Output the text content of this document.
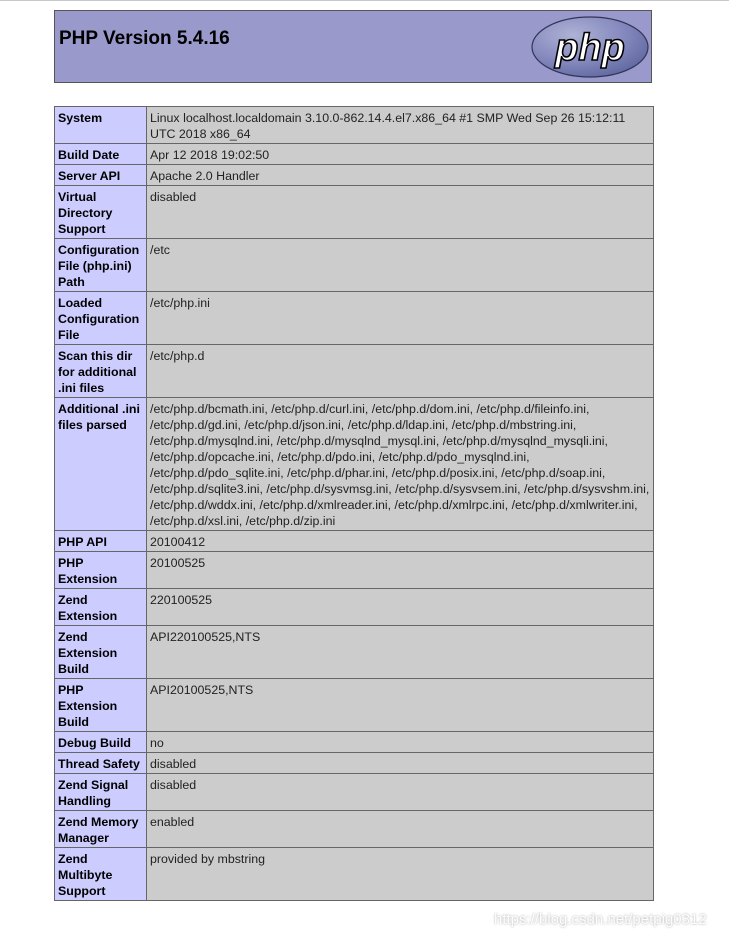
PHP Version 5.4.16	php
System	Linux localhost.localdomain 3.10.0-862.14.4.el7.x86_64 #1 SMP Wed Sep 26 15:12:11 UTC 2018 x86_64
Build Date	Apr 12 2018 19:02:50
Server API	Apache 2.0 Handler
Virtual Directory Support	disabled
Configuration File (php.ini) Path	/etc
Loaded Configuration File	/etc/php.ini
Scan this dir for additional .ini files	/etc/php.d
Additional .ini files parsed	/etc/php.d/bcmath.ini, /etc/php.d/curl.ini, /etc/php.d/dom.ini, /etc/php.d/fileinfo.ini, /etc/php.d/gd.ini, /etc/php.d/json.ini, /etc/php.d/ldap.ini, /etc/php.d/mbstring.ini, /etc/php.d/mysqlnd.ini, /etc/php.d/mysqlnd_mysql.ini, /etc/php.d/mysqlnd_mysqli.ini, /etc/php.d/opcache.ini, /etc/php.d/pdo.ini, /etc/php.d/pdo_mysqlnd.ini, /etc/php.d/pdo_sqlite.ini, /etc/php.d/phar.ini, /etc/php.d/posix.ini, /etc/php.d/soap.ini, /etc/php.d/sqlite3.ini, /etc/php.d/sysvmsg.ini, /etc/php.d/sysvsem.ini, /etc/php.d/sysvshm.ini, /etc/php.d/wddx.ini, /etc/php.d/xmlreader.ini, /etc/php.d/xmlrpc.ini, /etc/php.d/xmlwriter.ini, /etc/php.d/xsl.ini, /etc/php.d/zip.ini
PHP API	20100412
PHP Extension	20100525
Zend Extension	220100525
Zend Extension Build	API220100525,NTS
PHP Extension Build	API20100525,NTS
Debug Build	no
Thread Safety	disabled
Zend Signal Handling	disabled
Zend Memory Manager	enabled
Zend Multibyte Support	provided by mbstring
https://blog.csdn.net/petpig0312
